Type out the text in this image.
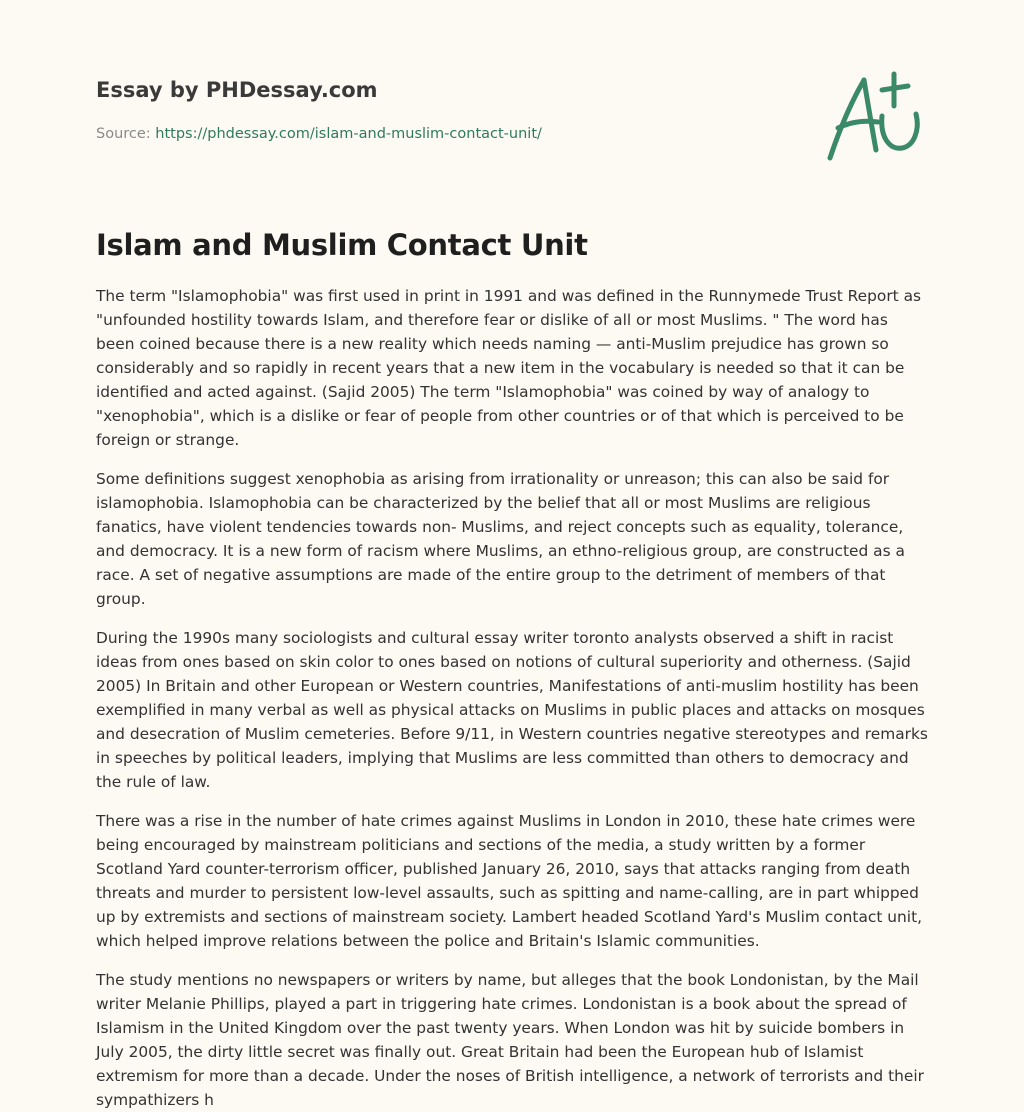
Essay by PHDessay.com
Source: https://phdessay.com/islam-and-muslim-contact-unit/
Islam and Muslim Contact Unit

The term "Islamophobia" was first used in print in 1991 and was defined in the Runnymede Trust Report as "unfounded hostility towards Islam, and therefore fear or dislike of all or most Muslims. " The word has been coined because there is a new reality which needs naming — anti-Muslim prejudice has grown so considerably and so rapidly in recent years that a new item in the vocabulary is needed so that it can be identified and acted against. (Sajid 2005) The term "Islamophobia" was coined by way of analogy to "xenophobia", which is a dislike or fear of people from other countries or of that which is perceived to be foreign or strange.

Some definitions suggest xenophobia as arising from irrationality or unreason; this can also be said for islamophobia. Islamophobia can be characterized by the belief that all or most Muslims are religious fanatics, have violent tendencies towards non- Muslims, and reject concepts such as equality, tolerance, and democracy. It is a new form of racism where Muslims, an ethno-religious group, are constructed as a race. A set of negative assumptions are made of the entire group to the detriment of members of that group.

During the 1990s many sociologists and cultural essay writer toronto analysts observed a shift in racist ideas from ones based on skin color to ones based on notions of cultural superiority and otherness. (Sajid 2005) In Britain and other European or Western countries, Manifestations of anti-muslim hostility has been exemplified in many verbal as well as physical attacks on Muslims in public places and attacks on mosques and desecration of Muslim cemeteries. Before 9/11, in Western countries negative stereotypes and remarks in speeches by political leaders, implying that Muslims are less committed than others to democracy and the rule of law.

There was a rise in the number of hate crimes against Muslims in London in 2010, these hate crimes were being encouraged by mainstream politicians and sections of the media, a study written by a former Scotland Yard counter-terrorism officer, published January 26, 2010, says that attacks ranging from death threats and murder to persistent low-level assaults, such as spitting and name-calling, are in part whipped up by extremists and sections of mainstream society. Lambert headed Scotland Yard's Muslim contact unit, which helped improve relations between the police and Britain's Islamic communities.

The study mentions no newspapers or writers by name, but alleges that the book Londonistan, by the Mail writer Melanie Phillips, played a part in triggering hate crimes. Londonistan is a book about the spread of Islamism in the United Kingdom over the past twenty years. When London was hit by suicide bombers in July 2005, the dirty little secret was finally out. Great Britain had been the European hub of Islamist extremism for more than a decade. Under the noses of British intelligence, a network of terrorists and their sympathizers h
